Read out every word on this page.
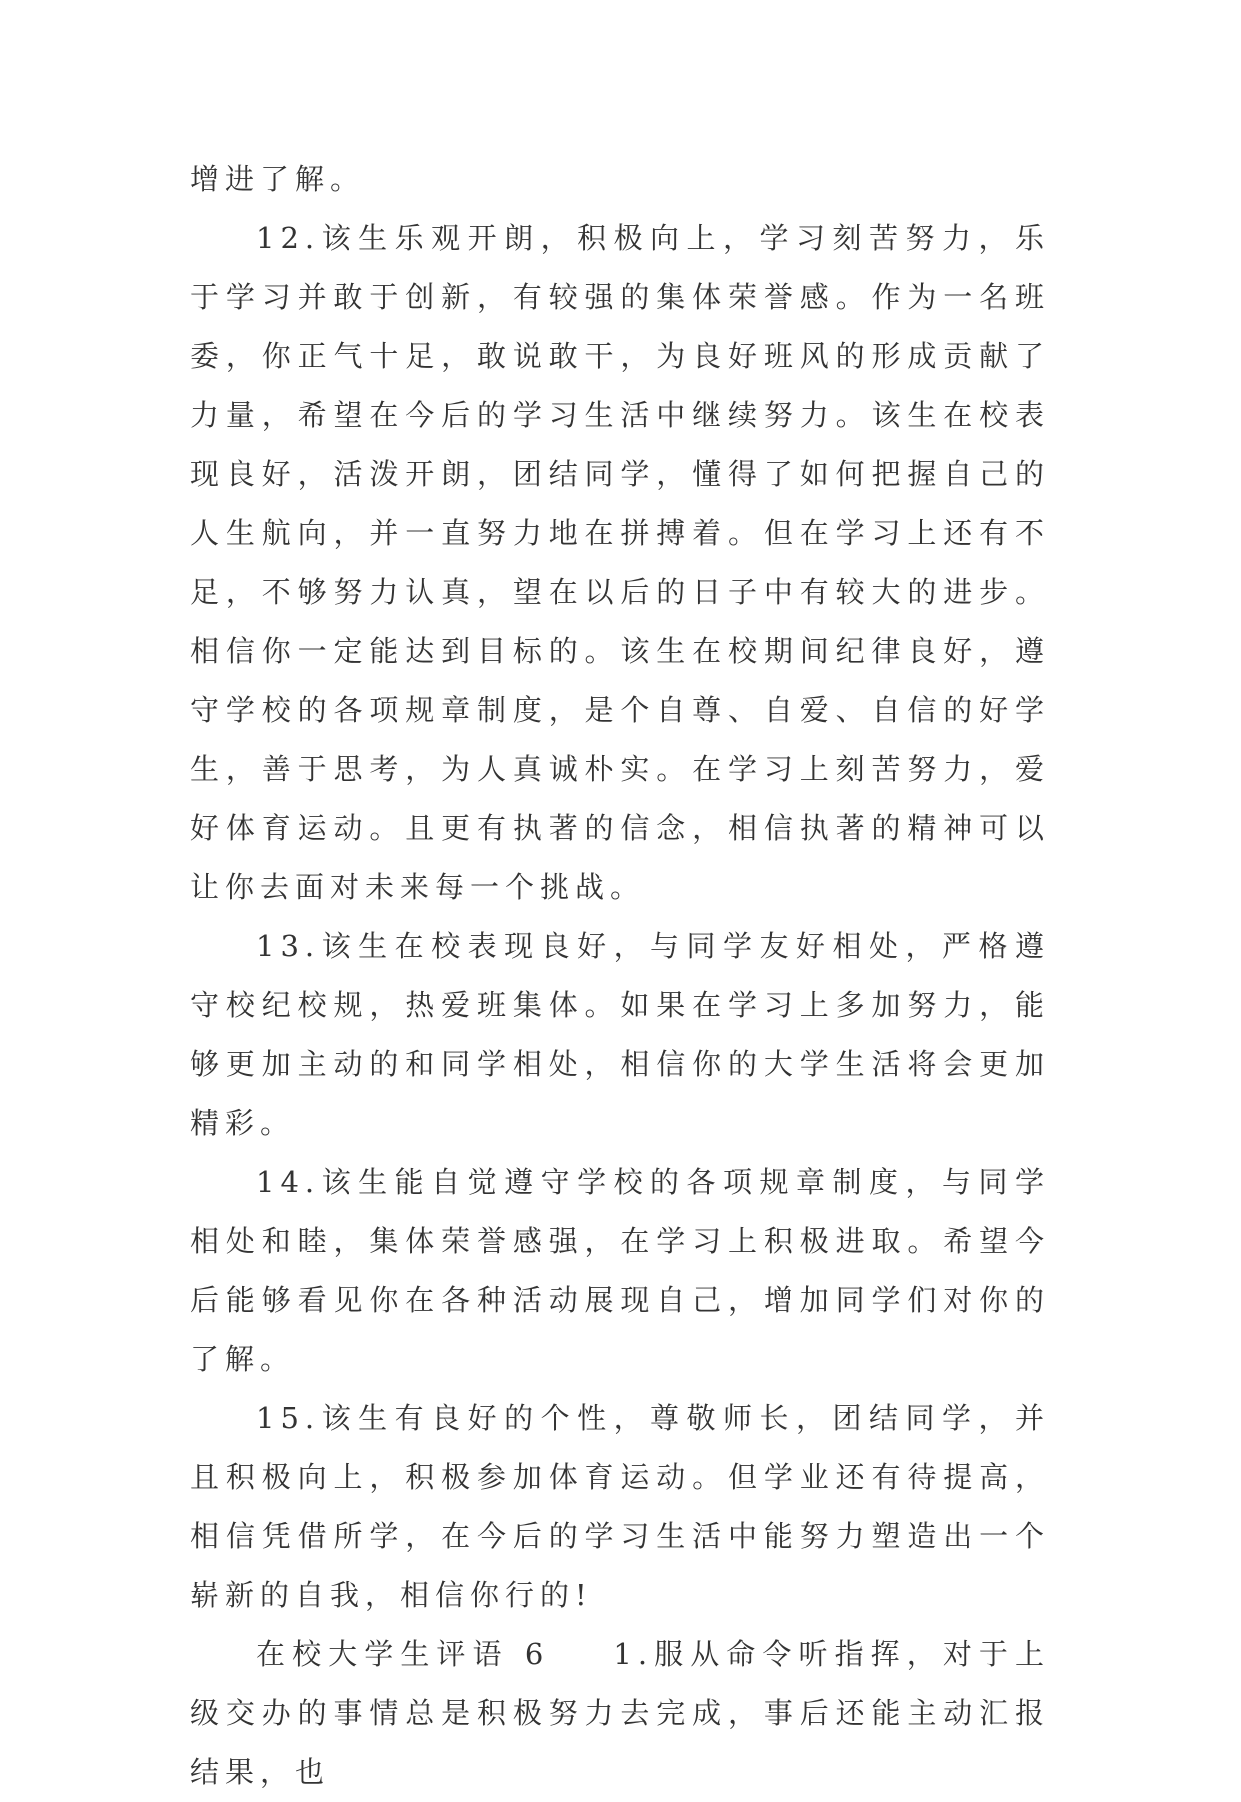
增进了解。

12.该生乐观开朗，积极向上，学习刻苦努力，乐于学习并敢于创新，有较强的集体荣誉感。作为一名班委，你正气十足，敢说敢干，为良好班风的形成贡献了力量，希望在今后的学习生活中继续努力。该生在校表现良好，活泼开朗，团结同学，懂得了如何把握自己的人生航向，并一直努力地在拼搏着。但在学习上还有不足，不够努力认真，望在以后的日子中有较大的进步。相信你一定能达到目标的。该生在校期间纪律良好，遵守学校的各项规章制度，是个自尊、自爱、自信的好学生，善于思考，为人真诚朴实。在学习上刻苦努力，爱好体育运动。且更有执著的信念，相信执著的精神可以让你去面对未来每一个挑战。

13.该生在校表现良好，与同学友好相处，严格遵守校纪校规，热爱班集体。如果在学习上多加努力，能够更加主动的和同学相处，相信你的大学生活将会更加精彩。

14.该生能自觉遵守学校的各项规章制度，与同学相处和睦，集体荣誉感强，在学习上积极进取。希望今后能够看见你在各种活动展现自己，增加同学们对你的了解。

15.该生有良好的个性，尊敬师长，团结同学，并且积极向上，积极参加体育运动。但学业还有待提高，相信凭借所学，在今后的学习生活中能努力塑造出一个崭新的自我，相信你行的!

在校大学生评语 6 1.服从命令听指挥，对于上级交办的事情总是积极努力去完成，事后还能主动汇报结果，也
